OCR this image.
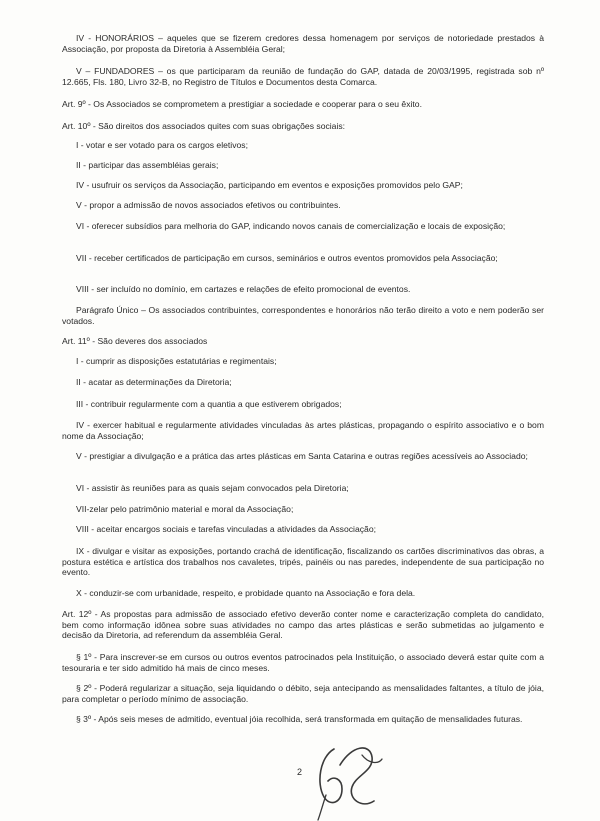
IV - HONORÁRIOS – aqueles que se fizerem credores dessa homenagem por serviços de notoriedade prestados à Associação, por proposta da Diretoria à Assembléia Geral;

V – FUNDADORES – os que participaram da reunião de fundação do GAP, datada de 20/03/1995, registrada sob nº 12.665, Fls. 180, Livro 32-B, no Registro de Títulos e Documentos desta Comarca.

Art. 9º - Os Associados se comprometem a prestigiar a sociedade e cooperar para o seu êxito.

Art. 10º - São direitos dos associados quites com suas obrigações sociais:

I - votar e ser votado para os cargos eletivos;

II - participar das assembléias gerais;

IV - usufruir os serviços da Associação, participando em eventos e exposições promovidos pelo GAP;

V - propor a admissão de novos associados efetivos ou contribuintes.

VI - oferecer subsídios para melhoria do GAP, indicando novos canais de comercialização e locais de exposição;

VII - receber certificados de participação em cursos, seminários e outros eventos promovidos pela Associação;

VIII - ser incluído no domínio, em cartazes e relações de efeito promocional de eventos.

Parágrafo Único – Os associados contribuintes, correspondentes e honorários não terão direito a voto e nem poderão ser votados.

Art. 11º - São deveres dos associados

I - cumprir as disposições estatutárias e regimentais;

II - acatar as determinações da Diretoria;

III - contribuir regularmente com a quantia a que estiverem obrigados;

IV - exercer habitual e regularmente atividades vinculadas às artes plásticas, propagando o espírito associativo e o bom nome da Associação;

V - prestigiar a divulgação e a prática das artes plásticas em Santa Catarina e outras regiões acessíveis ao Associado;

VI - assistir às reuniões para as quais sejam convocados pela Diretoria;

VII-zelar pelo patrimônio material e moral da Associação;

VIII - aceitar encargos sociais e tarefas vinculadas a atividades da Associação;

IX - divulgar e visitar as exposições, portando crachá de identificação, fiscalizando os cartões discriminativos das obras, a postura estética e artística dos trabalhos nos cavaletes, tripés, painéis ou nas paredes, independente de sua participação no evento.

X - conduzir-se com urbanidade, respeito, e probidade quanto na Associação e fora dela.

Art. 12º - As propostas para admissão de associado efetivo deverão conter nome e caracterização completa do candidato, bem como informação idônea sobre suas atividades no campo das artes plásticas e serão submetidas ao julgamento e decisão da Diretoria, ad referendum da assembléia Geral.

§ 1º - Para inscrever-se em cursos ou outros eventos patrocinados pela Instituição, o associado deverá estar quite com a tesouraria e ter sido admitido há mais de cinco meses.

§ 2º - Poderá regularizar a situação, seja liquidando o débito, seja antecipando as mensalidades faltantes, a título de jóia, para completar o período mínimo de associação.

§ 3º - Após seis meses de admitido, eventual jóia recolhida, será transformada em quitação de mensalidades futuras.

2
